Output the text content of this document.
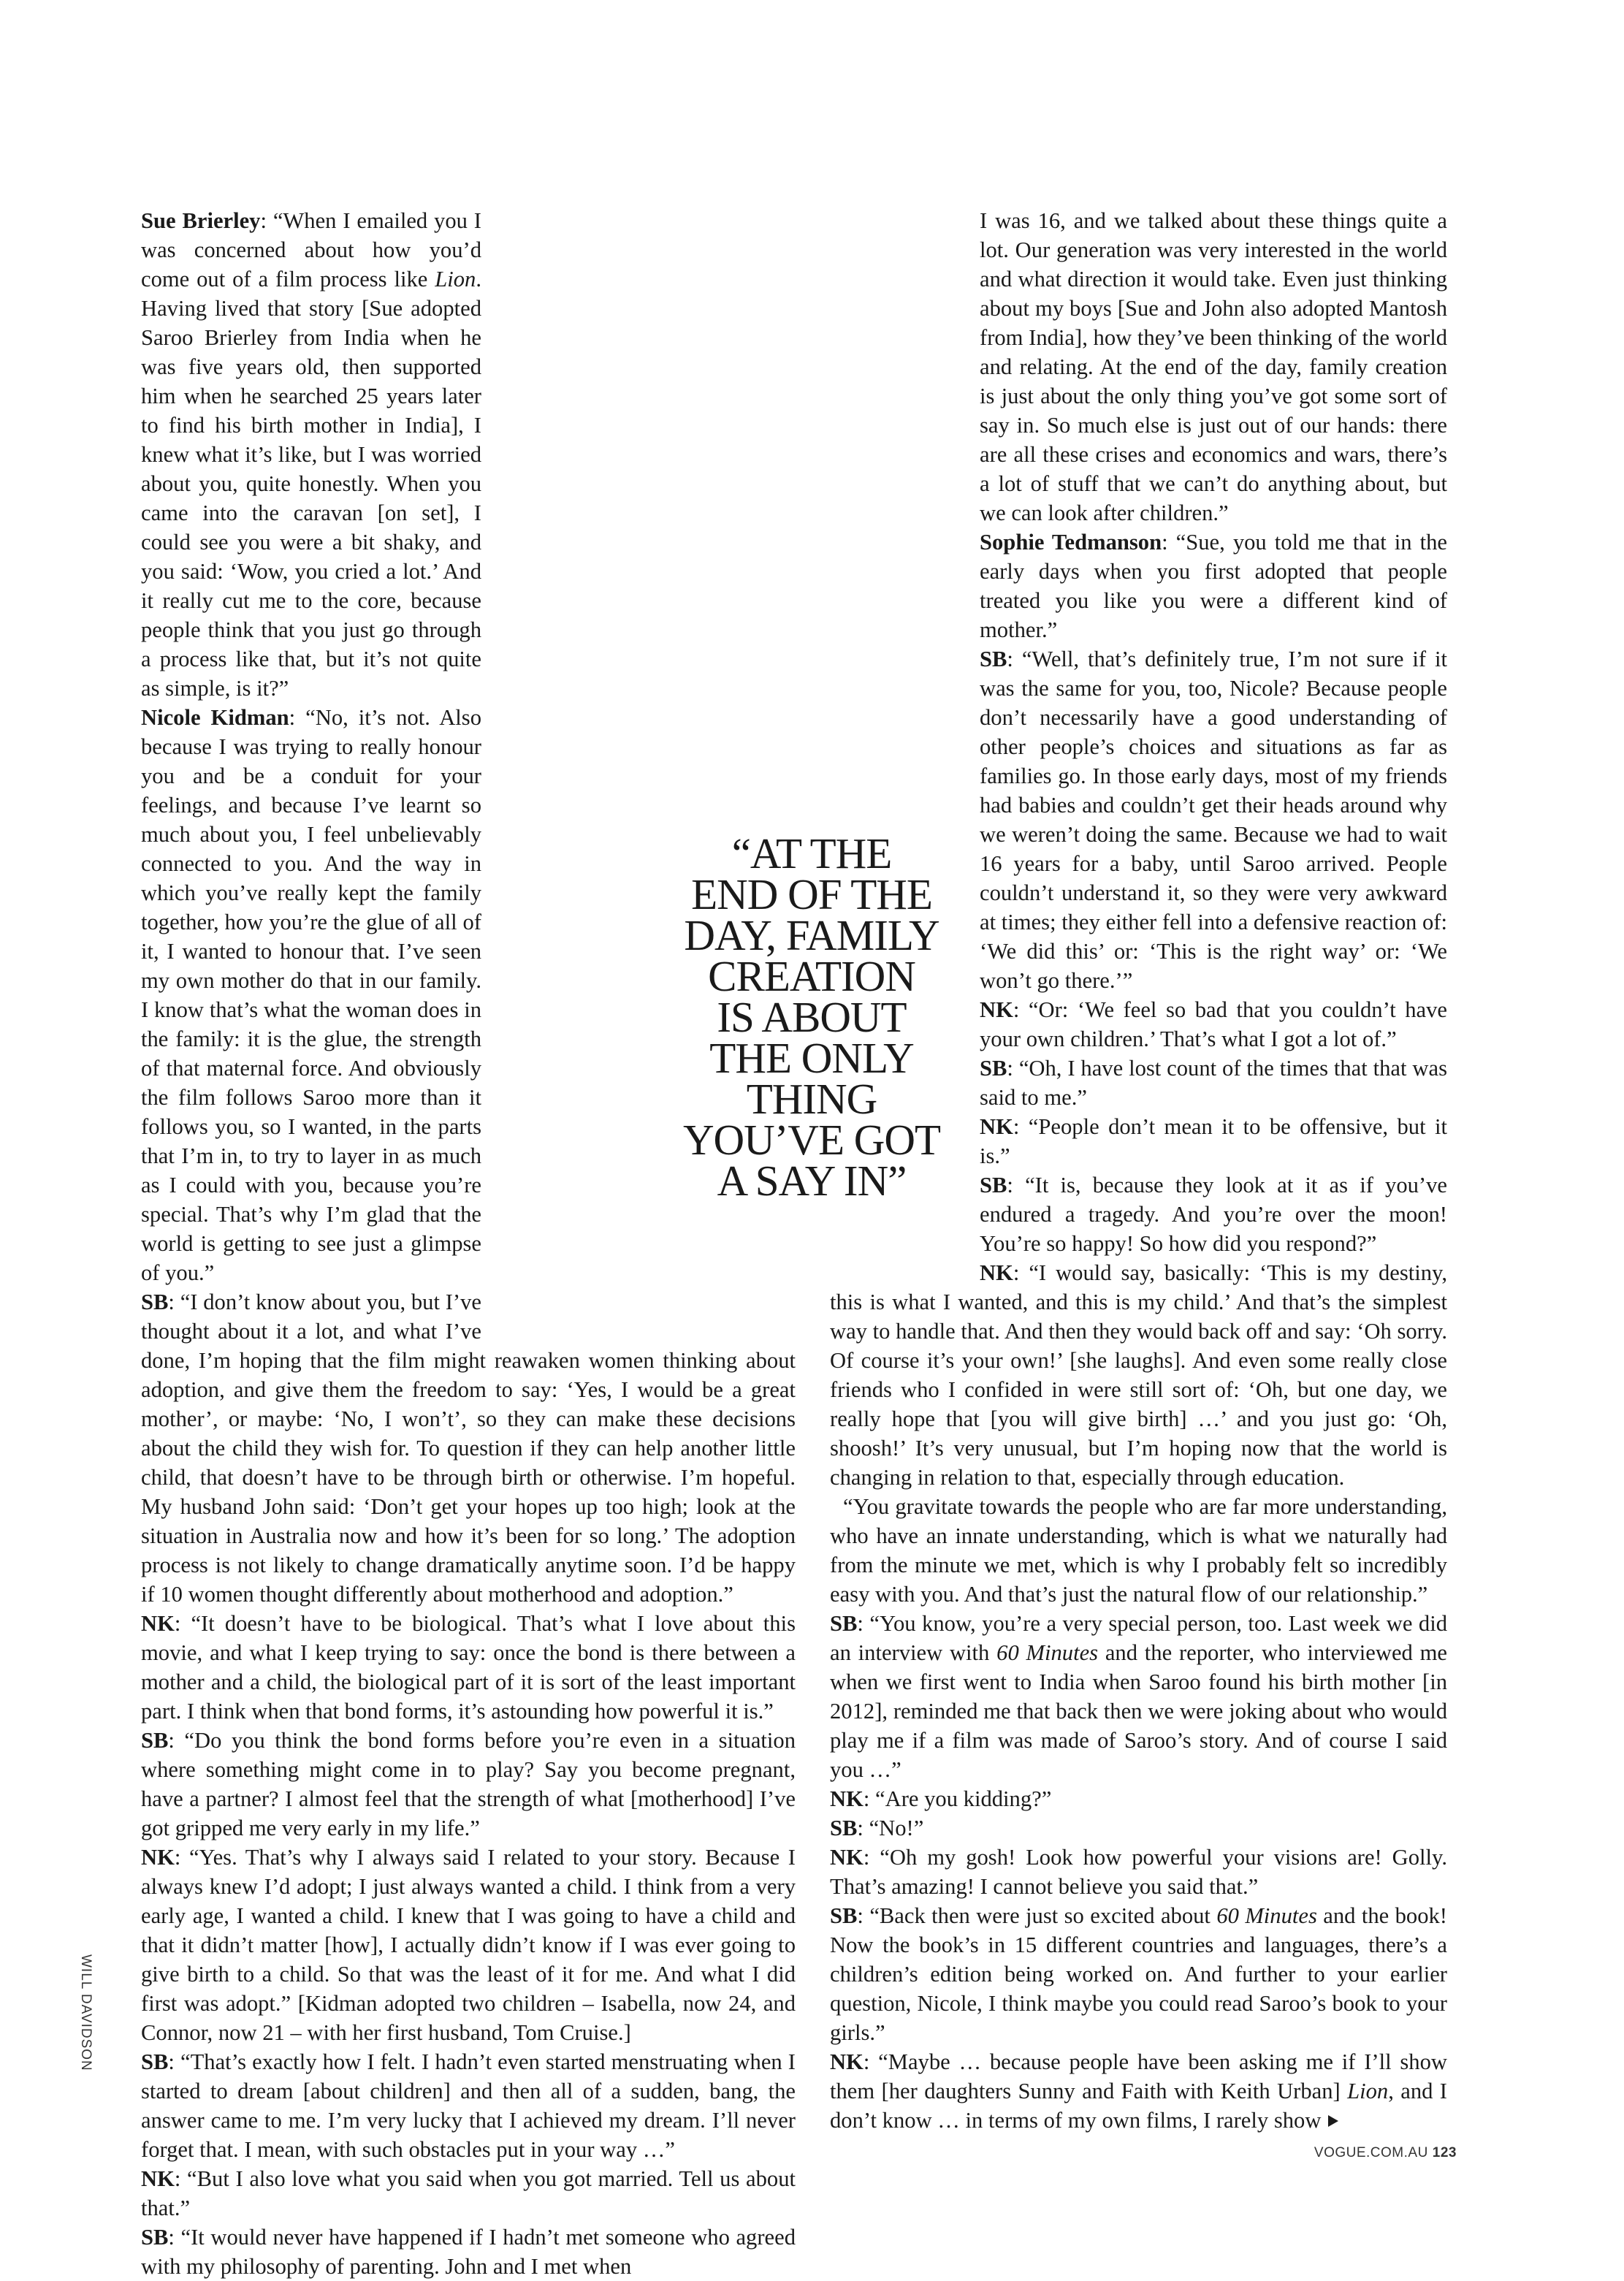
Sue Brierley: “When I emailed you I was concerned about how you’d come out of a film process like Lion. Having lived that story [Sue adopted Saroo Brierley from India when he was five years old, then supported him when he searched 25 years later to find his birth mother in India], I knew what it’s like, but I was worried about you, quite honestly. When you came into the caravan [on set], I could see you were a bit shaky, and you said: ‘Wow, you cried a lot.’ And it really cut me to the core, because people think that you just go through a process like that, but it’s not quite as simple, is it?”

Nicole Kidman: “No, it’s not. Also because I was trying to really honour you and be a conduit for your feelings, and because I’ve learnt so much about you, I feel unbelievably connected to you. And the way in which you’ve really kept the family together, how you’re the glue of all of it, I wanted to honour that. I’ve seen my own mother do that in our family. I know that’s what the woman does in the family: it is the glue, the strength of that maternal force. And obviously the film follows Saroo more than it follows you, so I wanted, in the parts that I’m in, to try to layer in as much as I could with you, because you’re special. That’s why I’m glad that the world is getting to see just a glimpse of you.”

SB: “I don’t know about you, but I’ve thought about it a lot, and what I’ve done, I’m hoping that the film might reawaken women thinking about adoption, and give them the freedom to say: ‘Yes, I would be a great mother’, or maybe: ‘No, I won’t’, so they can make these decisions about the child they wish for. To question if they can help another little child, that doesn’t have to be through birth or otherwise. I’m hopeful. My husband John said: ‘Don’t get your hopes up too high; look at the situation in Australia now and how it’s been for so long.’ The adoption process is not likely to change dramatically anytime soon. I’d be happy if 10 women thought differently about motherhood and adoption.”

NK: “It doesn’t have to be biological. That’s what I love about this movie, and what I keep trying to say: once the bond is there between a mother and a child, the biological part of it is sort of the least important part. I think when that bond forms, it’s astounding how powerful it is.”

SB: “Do you think the bond forms before you’re even in a situation where something might come in to play? Say you become pregnant, have a partner? I almost feel that the strength of what [motherhood] I’ve got gripped me very early in my life.”

NK: “Yes. That’s why I always said I related to your story. Because I always knew I’d adopt; I just always wanted a child. I think from a very early age, I wanted a child. I knew that I was going to have a child and that it didn’t matter [how], I actually didn’t know if I was ever going to give birth to a child. So that was the least of it for me. And what I did first was adopt.” [Kidman adopted two children – Isabella, now 24, and Connor, now 21 – with her first husband, Tom Cruise.]

SB: “That’s exactly how I felt. I hadn’t even started menstruating when I started to dream [about children] and then all of a sudden, bang, the answer came to me. I’m very lucky that I achieved my dream. I’ll never forget that. I mean, with such obstacles put in your way …”

NK: “But I also love what you said when you got married. Tell us about that.”

SB: “It would never have happened if I hadn’t met someone who agreed with my philosophy of parenting. John and I met when

I was 16, and we talked about these things quite a lot. Our generation was very interested in the world and what direction it would take. Even just thinking about my boys [Sue and John also adopted Mantosh from India], how they’ve been thinking of the world and relating. At the end of the day, family creation is just about the only thing you’ve got some sort of say in. So much else is just out of our hands: there are all these crises and economics and wars, there’s a lot of stuff that we can’t do anything about, but we can look after children.”

Sophie Tedmanson: “Sue, you told me that in the early days when you first adopted that people treated you like you were a different kind of mother.”

SB: “Well, that’s definitely true, I’m not sure if it was the same for you, too, Nicole? Because people don’t necessarily have a good understanding of other people’s choices and situations as far as families go. In those early days, most of my friends had babies and couldn’t get their heads around why we weren’t doing the same. Because we had to wait 16 years for a baby, until Saroo arrived. People couldn’t understand it, so they were very awkward at times; they either fell into a defensive reaction of: ‘We did this’ or: ‘This is the right way’ or: ‘We won’t go there.’”

NK: “Or: ‘We feel so bad that you couldn’t have your own children.’ That’s what I got a lot of.”

SB: “Oh, I have lost count of the times that that was said to me.”

NK: “People don’t mean it to be offensive, but it is.”

SB: “It is, because they look at it as if you’ve endured a tragedy. And you’re over the moon! You’re so happy! So how did you respond?”

NK: “I would say, basically: ‘This is my destiny, this is what I wanted, and this is my child.’ And that’s the simplest way to handle that. And then they would back off and say: ‘Oh sorry. Of course it’s your own!’ [she laughs]. And even some really close friends who I confided in were still sort of: ‘Oh, but one day, we really hope that [you will give birth] …’ and you just go: ‘Oh, shoosh!’ It’s very unusual, but I’m hoping now that the world is changing in relation to that, especially through education.

“You gravitate towards the people who are far more understanding, who have an innate understanding, which is what we naturally had from the minute we met, which is why I probably felt so incredibly easy with you. And that’s just the natural flow of our relationship.”

SB: “You know, you’re a very special person, too. Last week we did an interview with 60 Minutes and the reporter, who interviewed me when we first went to India when Saroo found his birth mother [in 2012], reminded me that back then we were joking about who would play me if a film was made of Saroo’s story. And of course I said you …”

NK: “Are you kidding?”

SB: “No!”

NK: “Oh my gosh! Look how powerful your visions are! Golly. That’s amazing! I cannot believe you said that.”

SB: “Back then were just so excited about 60 Minutes and the book! Now the book’s in 15 different countries and languages, there’s a children’s edition being worked on. And further to your earlier question, Nicole, I think maybe you could read Saroo’s book to your girls.”

NK: “Maybe … because people have been asking me if I’ll show them [her daughters Sunny and Faith with Keith Urban] Lion, and I don’t know … in terms of my own films, I rarely show

“AT THE
END OF THE
DAY, FAMILY
CREATION
IS ABOUT
THE ONLY
THING
YOU’VE GOT
A SAY IN”
WILL DAVIDSON
VOGUE.COM.AU 123
